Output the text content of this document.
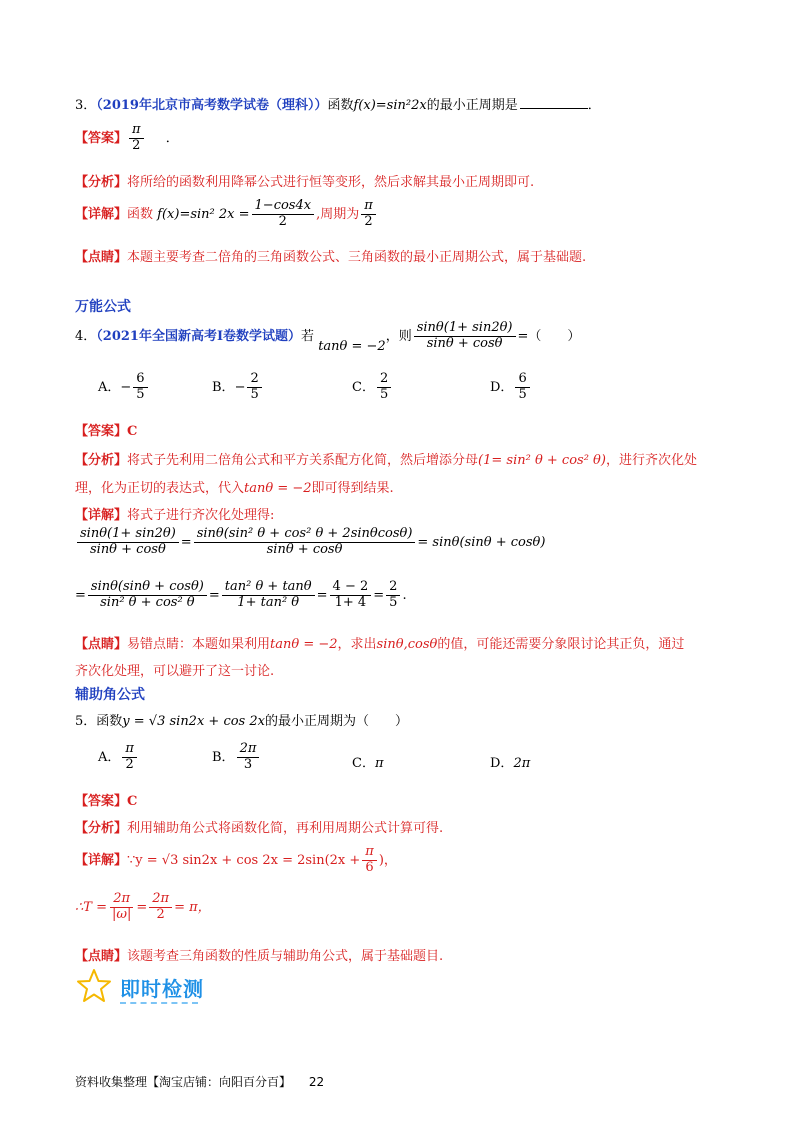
3．（2019年北京市高考数学试卷（理科））函数f(x)=sin²2x的最小正周期是	．
【答案】 $\frac{\pi}{2}$ ．
【分析】将所给的函数利用降幂公式进行恒等变形，然后求解其最小正周期即可.
【详解】函数 f(x)=sin² $2x = \frac{1-\cos 4x}{2}$ ,周期为 $\frac{\pi}{2}$
【点睛】本题主要考查二倍角的三角函数公式、三角函数的最小正周期公式，属于基础题.
万能公式
4．（2021年全国新高考Ⅰ卷数学试题）若 tanθ = −2，则 $\frac{\sin\theta(1+ \sin 2\theta)}{\sin\theta + \cos\theta}$ =（　　）
A．− $\frac{6}{5}$	B．− $\frac{2}{5}$	C． $\frac{2}{5}$	D． $\frac{6}{5}$
【答案】C
【分析】将式子先利用二倍角公式和平方关系配方化简，然后增添分母(1= sin² θ + cos² θ)，进行齐次化处
理，化为正切的表达式，代入tanθ = −2即可得到结果.
【详解】将式子进行齐次化处理得:
$\frac{\sin\theta(1+ \sin 2\theta)}{\sin\theta + \cos\theta} = \frac{\text{sinθ(sin² θ + cos² θ + 2sinθcosθ)}}{\sin\theta + \cos\theta} = \sin\theta(\sin\theta + \cos\theta)$
= $\frac{\sin\theta(\sin\theta + \cos\theta)}{\text{sin² θ + cos² θ}} = \frac{\text{tan² θ + tanθ}}{\text{1+ tan² θ}} = \frac{4 - 2}{1+ 4} = \frac{2}{5}$ .
【点睛】易错点睛：本题如果利用tanθ = −2，求出sinθ,cosθ的值，可能还需要分象限讨论其正负，通过
齐次化处理，可以避开了这一讨论.
辅助角公式
5．函数y = √3 sin2x + cos 2x的最小正周期为（　　）
A． $\frac{\pi}{2}$	B． $\frac{2\pi}{3}$	C．π	D．2π
【答案】C
【分析】利用辅助角公式将函数化简，再利用周期公式计算可得.
【详解】∵y = √3 $\sin 2x + \cos 2x = 2\sin(2x + \frac{\pi}{6}$ )，
∴T = $\frac{2\pi}{|\omega|} = \frac{2\pi}{2} = \pi$，
【点睛】该题考查三角函数的性质与辅助角公式，属于基础题目.
即时检测
资料收集整理【淘宝店铺：向阳百分百】 22
